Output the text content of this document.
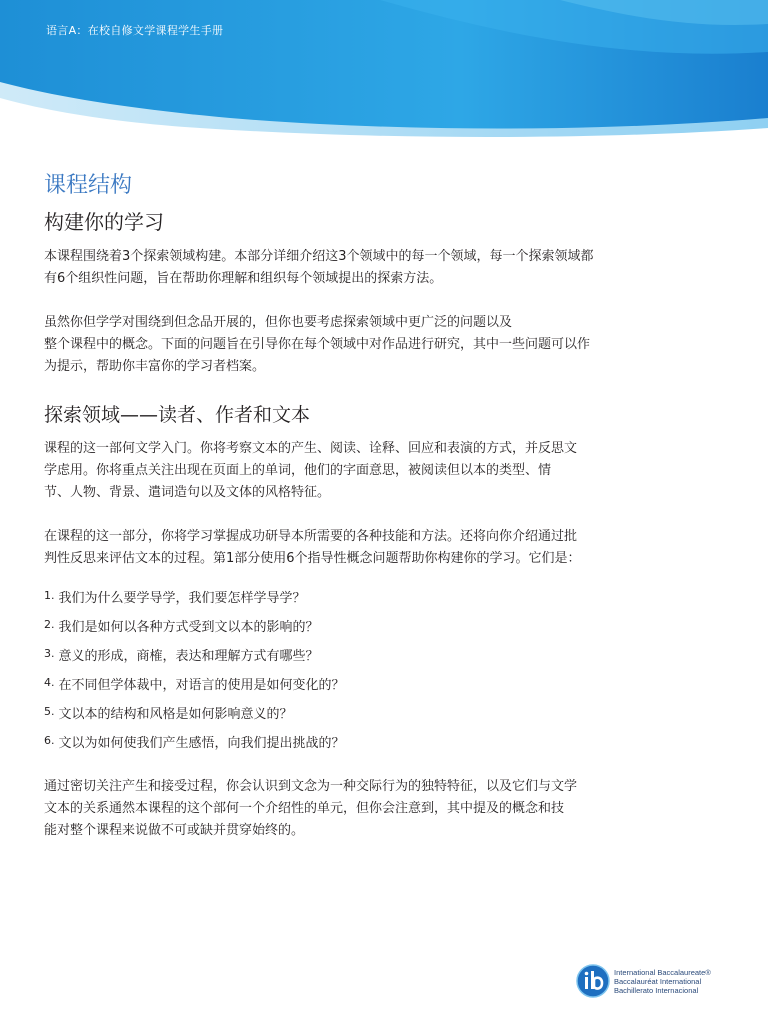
语言A：在校自修文学课程学生手册
课程结构
构建你的学习

本课程围绕着3个探索领域构建。本部分详细介绍这3个领域中的每一个领域，每一个探索领域都
有6个组织性问题，旨在帮助你理解和组织每个领域提出的探索方法。

虽然你但学学对围绕到但念品开展的，但你也要考虑探索领域中更广泛的问题以及
整个课程中的概念。下面的问题旨在引导你在每个领域中对作品进行研究，其中一些问题可以作
为提示，帮助你丰富你的学习者档案。

探索领域——读者、作者和文本

课程的这一部何文学入门。你将考察文本的产生、阅读、诠释、回应和表演的方式，并反思文
学虑用。你将重点关注出现在页面上的单词，他们的字面意思，被阅读但以本的类型、情
节、人物、背景、遣词造句以及文体的风格特征。

在课程的这一部分，你将学习掌握成功研导本所需要的各种技能和方法。还将向你介绍通过批
判性反思来评估文本的过程。第1部分使用6个指导性概念问题帮助你构建你的学习。它们是：

$^{1.}$ 我们为什么要学导学，我们要怎样学导学？
$^{2.}$ 我们是如何以各种方式受到文以本的影响的？
$^{3.}$ 意义的形成，商榷，表达和理解方式有哪些？
$^{4.}$ 在不同但学体裁中，对语言的使用是如何变化的？
$^{5.}$ 文以本的结构和风格是如何影响意义的？
$^{6.}$ 文以为如何使我们产生感悟，向我们提出挑战的？

通过密切关注产生和接受过程，你会认识到文念为一种交际行为的独特特征，以及它们与文学
文本的关系通然本课程的这个部何一个介绍性的单元，但你会注意到，其中提及的概念和技
能对整个课程来说做不可或缺并贯穿始终的。

International Baccalaureate®
Baccalauréat International
Bachillerato Internacional
